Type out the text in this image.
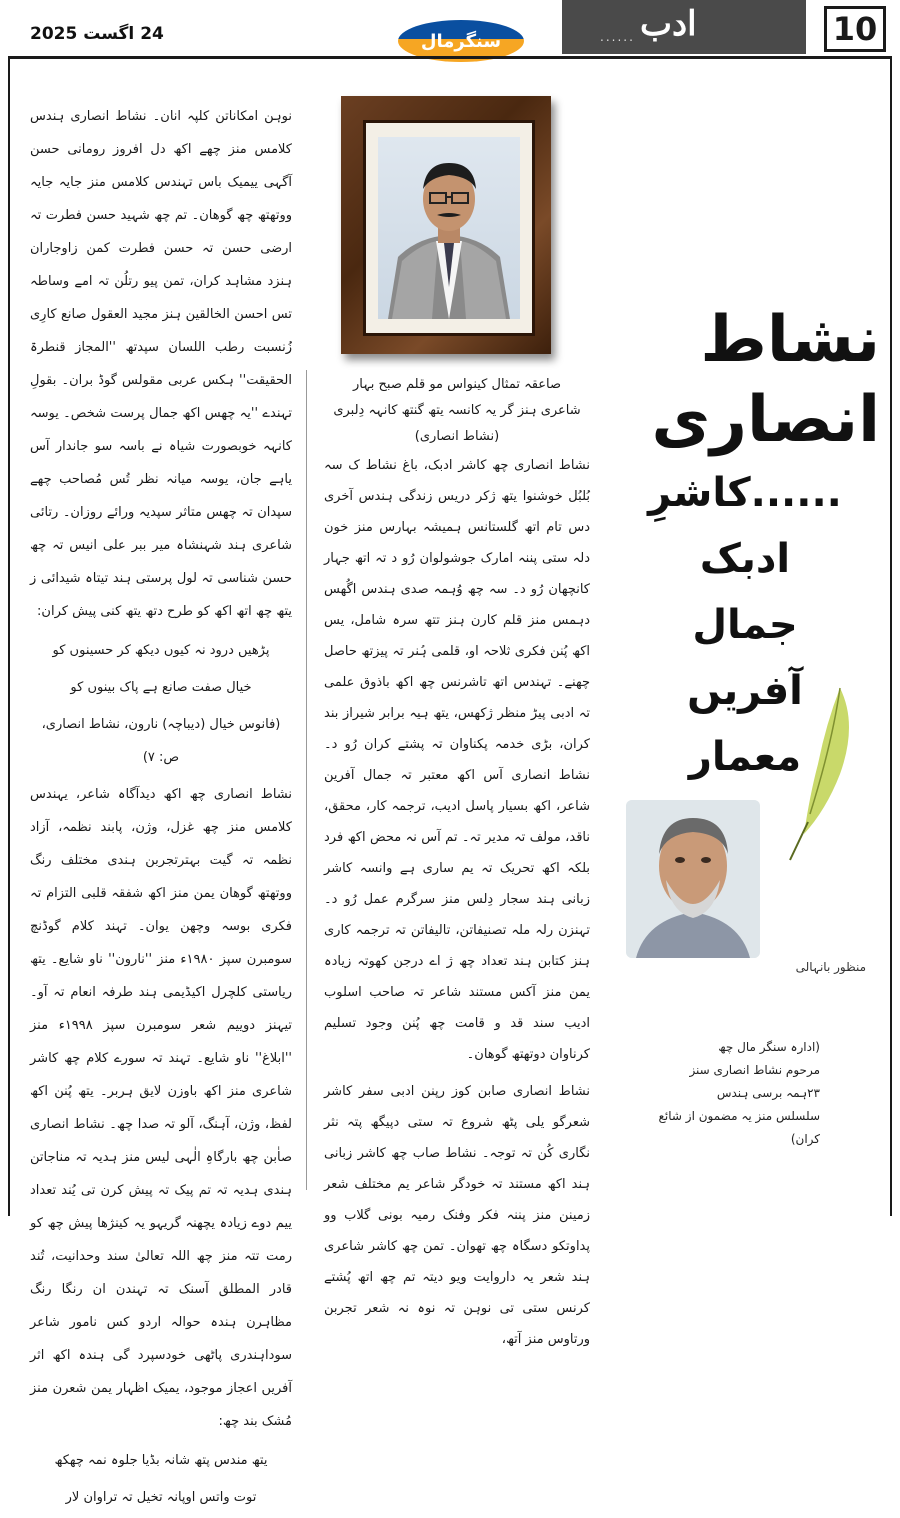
24 اگست 2025	سنگرمال	...... ادب	10
نشاط انصاری
......کاشرِ
ادبک
جمال
آفریں
معمار
منظور بانہالی
(ادارہ سنگر مال چھ
مرحوم نشاط انصاری سنز
۲۳ہمہ برسی ہندس
سلسلس منز یہ مضمون از شائع کران)
صاعقہ تمثال کینواس مو قلم صبح بہار
شاعری ہنز گر یہ کانسہ یتھ گنتھ کانہہ دِلبری
(نشاط انصاری)

نشاط انصاری چھ کاشر ادبک، باغ نشاط ک سہ بُلبُل خوشنوا یتھ ژکر دریس زندگی ہندس آخری دس تام اتھ گلستانس ہمیشہ بہارس منز خون دلہ ستی پننہ امارک جوشولوان رُو د تہ اتھ جہار کانچھان رُو د۔ سہ چھ وُہمہ صدی ہندس اگُھس دہمس منز قلم کارن ہنز تتھ سرہ شامل، یس اکھ پُنن فکری ثلاحہ او، قلمی ہُنر تہ پیزتھ حاصل چھنے۔ تہندس اتھ تاشرنس چھ اکھ باذوق علمی تہ ادبی پیڑ منظر ژکھس، یتھ ہیہ برابر شیراز بند کران، بڑی خدمہ پکناوان تہ پشتے کران رُو د۔ نشاط انصاری آس اکھ معتبر تہ جمال آفرین شاعر، اکھ بسیار پاسل ادیب، ترجمہ کار، محقق، ناقد، مولف تہ مدیر تہ۔ تم آس نہ محض اکھ فرد بلکہ اکھ تحریک تہ یم ساری ہے وانسہ کاشر زبانی ہند سجار دِلس منز سرگرم عمل رُو د۔ تہنزن رلہ ملہ تصنیفاتن، تالیفاتن تہ ترجمہ کاری ہنز کتابن ہند تعداد چھ ژ اے درجن کھوتہ زیادہ یمن منز آکس مستند شاعر تہ صاحب اسلوب ادیب سند قد و قامت چھ پُنن وجود تسلیم کرناوان دوتھتھ گوھان۔

نشاط انصاری صابن کوز رپنن ادبی سفر کاشر شعرگو یلی پٹھ شروع تہ ستی دپیگھ پتہ نثر نگاری کُن تہ توجہ۔ نشاط صاب چھ کاشر زبانی ہند اکھ مستند تہ خودگر شاعر یم مختلف شعر زمینن منز پننہ فکر وفنک رمیہ بونی گلاب وو پداوتکو دسگاہ چھ تھوان۔ تمن چھ کاشر شاعری ہند شعر یہ داروایت ویو دیتہ تم چھ اتھ پُشتے کرنس ستی تی نوہن تہ نوہ نہ شعر تجربن ورتاوس منز آتھ،

نوہن امکاناتن کلپہ انان۔ نشاط انصاری ہندس کلامس منز چھے اکھ دل افروز رومانی حسن آگہی ییمیک باس تہندس کلامس منز جایہ جایہ ووتھتھ چھ گوھان۔ تم چھ شہید حسن فطرت تہ ارضی حسن تہ حسن فطرت کمن زاوجاران ہنزد مشاہد کران، تمن پیو رتلُن تہ امے وساطہ تس احسن الخالقین ہنز مجید العقول صانع کارِی زُنسبت رطب اللسان سپدتھ ''المجاز قنطرۃ الحقیقت'' ہکس عربی مقولس گوڈ بران۔ بقولِ تہندے ''یہ چھس اکھ جمال پرست شخص۔ یوسہ کانہہ خوبصورت شیاہ نے باسہ سو جاندار آس یاہے جان، یوسہ میانہ نظر تُس مُصاحب چھے سپدان تہ چھس متاثر سپدیہ ورائے روزان۔ رتائی شاعری ہند شہنشاہ میر ببر علی انیس تہ چھ حسن شناسی تہ لول پرستی ہند تیتاہ شیدائی ز یتھ چھ اتھ اکھ کو طرح دتھ یتھ کنی پیش کران:

پڑھیں درود نہ کیوں دیکھ کر حسینوں کو
خیال صفت صانع ہے پاک بینوں کو
(فانوس خیال (دیباچہ) نارون، نشاط انصاری، ص: ۷)

نشاط انصاری چھ اکھ دیدآگاہ شاعر، یہندس کلامس منز چھ غزل، وژن، پابند نظمہ، آزاد نظمہ تہ گیت بہترتجربن ہندی مختلف رنگ ووتھتھ گوھان یمن منز اکھ شفقہ قلبی التزام تہ فکری بوسہ وچھن یوان۔ تہند کلام گوڈنچ سومبرن سپز ۱۹۸۰ء منز ''نارون'' ناو شایع۔ یتھ ریاستی کلچرل اکیڈیمی ہند طرفہ انعام تہ آو۔ تیہنز دوییم شعر سومبرن سپز ۱۹۹۸ء منز ''ابلاغ'' ناو شایع۔ تہند تہ سورے کلام چھ کاشر شاعری منز اکھ باوزن لایق ہربر۔ یتھ پُنن اکھ لفظ، وژن، آہنگ، آلو تہ صدا چھ۔ نشاط انصاری صاٰبن چھ بارگاہِ الٰہی لیس منز ہدیہ تہ مناجاتن ہندی ہدیہ تہ تم پیک تہ پیش کرن تی یُند تعداد ییم دوے زیادہ یچھنہ گریہو یہ کینژھا پیش چھ کو رمت تتہ منز چھ اللہ تعالیٰ سند وحدانیت، تُند قادر المطلق آسنک تہ تہندن ان رنگا رنگ مظاہرن ہندہ حوالہ اردو کس نامور شاعر سوداہندری پاٹھی خودسپرد گی ہندہ اکھ اثر آفریں اعجاز موجود، یمیک اظہار یمن شعرن منز مُشک بند چھ:

یتھ مندس پتھ شانہ بڈیا جلوہ نمہ چھکھ
توت واتس اوپانہ تخیل تہ تراوان لار
